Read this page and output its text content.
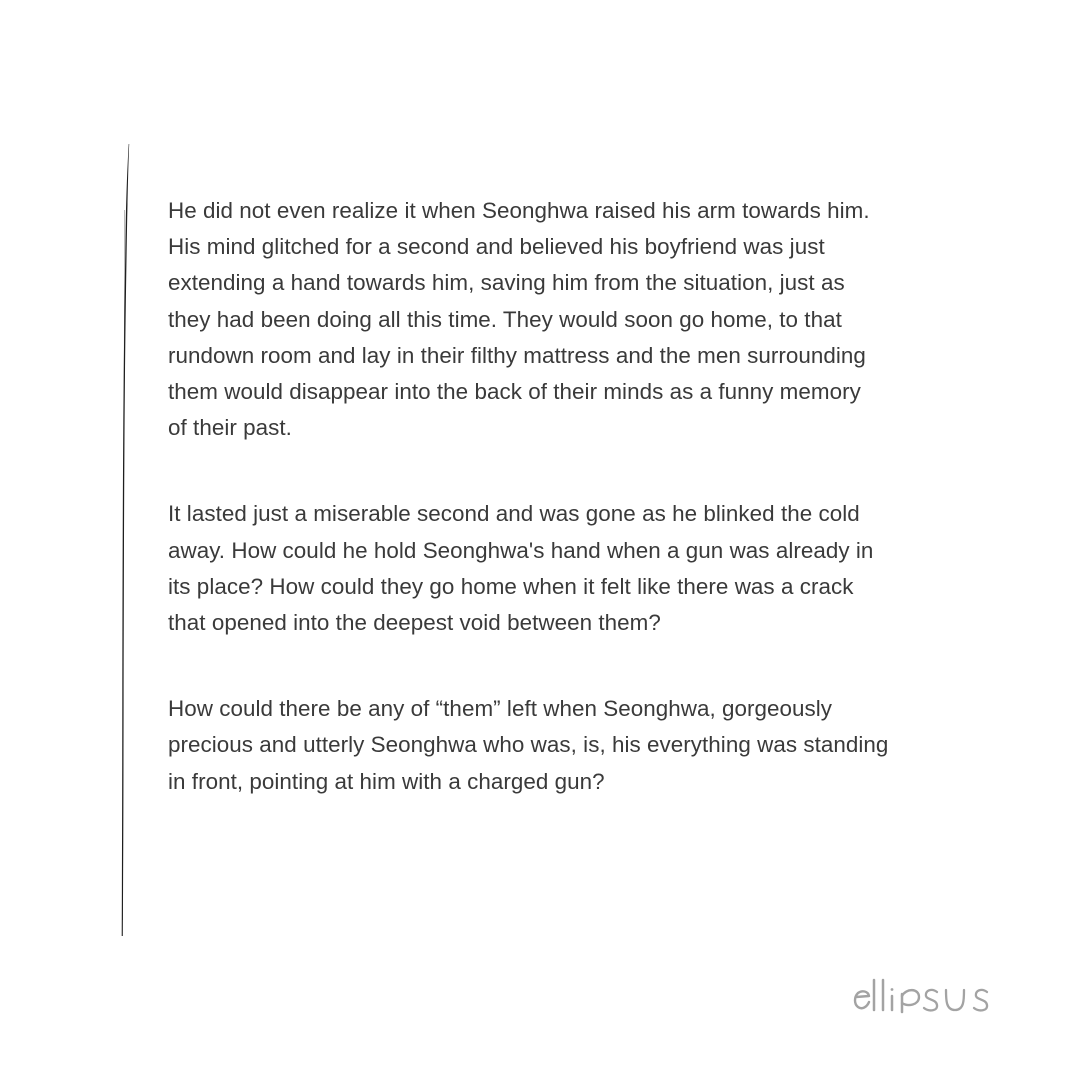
He did not even realize it when Seonghwa raised his arm towards him.
His mind glitched for a second and believed his boyfriend was just
extending a hand towards him, saving him from the situation, just as
they had been doing all this time. They would soon go home, to that
rundown room and lay in their filthy mattress and the men surrounding
them would disappear into the back of their minds as a funny memory
of their past.

It lasted just a miserable second and was gone as he blinked the cold
away. How could he hold Seonghwa's hand when a gun was already in
its place? How could they go home when it felt like there was a crack
that opened into the deepest void between them?

How could there be any of “them” left when Seonghwa, gorgeously
precious and utterly Seonghwa who was, is, his everything was standing
in front, pointing at him with a charged gun?
